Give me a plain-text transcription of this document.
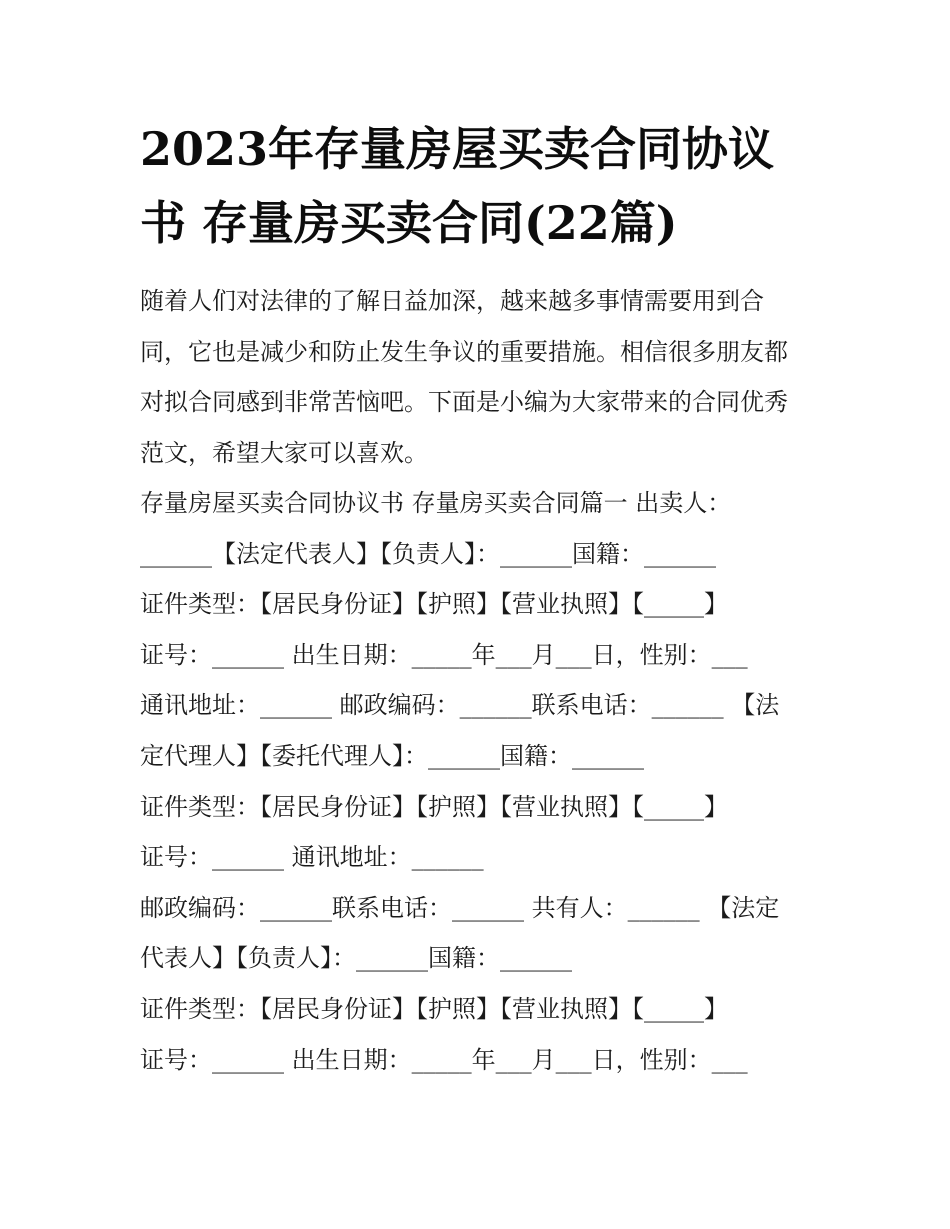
2023年存量房屋买卖合同协议
书 存量房买卖合同(22篇)
随着人们对法律的了解日益加深，越来越多事情需要用到合
同，它也是减少和防止发生争议的重要措施。相信很多朋友都
对拟合同感到非常苦恼吧。下面是小编为大家带来的合同优秀
范文，希望大家可以喜欢。
存量房屋买卖合同协议书 存量房买卖合同篇一 出卖人：
______【法定代表人】【负责人】：______国籍：______
证件类型：【居民身份证】【护照】【营业执照】【_____】
证号：______ 出生日期：_____年___月___日，性别：___
通讯地址：______ 邮政编码：______联系电话：______ 【法
定代理人】【委托代理人】：______国籍：______
证件类型：【居民身份证】【护照】【营业执照】【_____】
证号：______ 通讯地址：______
邮政编码：______联系电话：______ 共有人：______ 【法定
代表人】【负责人】：______国籍：______
证件类型：【居民身份证】【护照】【营业执照】【_____】
证号：______ 出生日期：_____年___月___日，性别：___
